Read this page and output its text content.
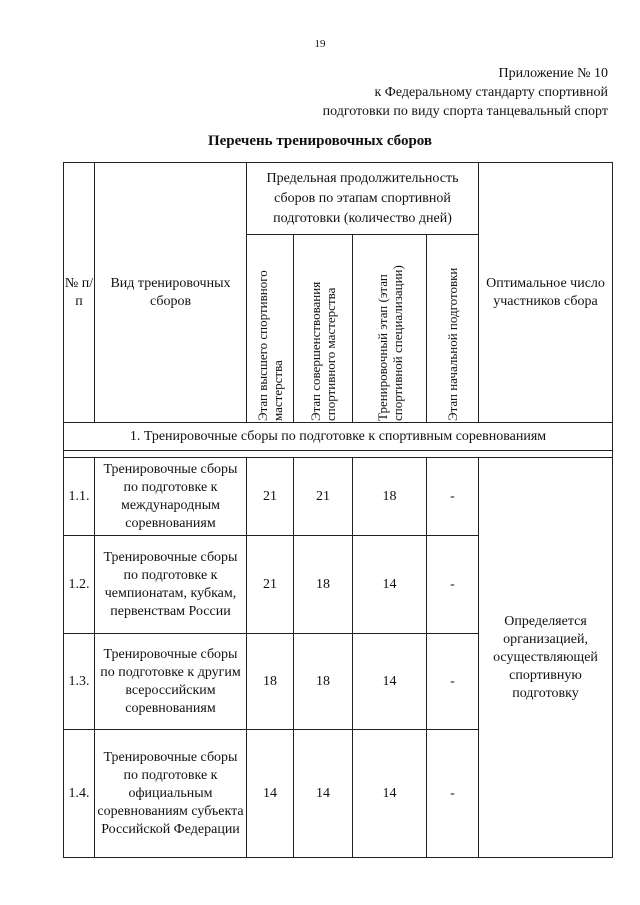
19
Приложение № 10
к Федеральному стандарту спортивной
подготовки по виду спорта танцевальный спорт
Перечень тренировочных сборов
№ п/п	Вид тренировочных сборов	Предельная продолжительность сборов по этапам спортивной подготовки (количество дней)				Оптимальное число участников сбора

		Этап высшего спортивного мастерства	Этап совершенствования спортивного мастерства	Тренировочный этап (этап спортивной специализации)	Этап начальной подготовки	

1. Тренировочные сборы по подготовке к спортивным соревнованиям						

1.1.	Тренировочные сборы по подготовке к международным соревнованиям	21	21	18	-	Определяется организацией, осуществляющей спортивную подготовку
1.2.	Тренировочные сборы по подготовке к чемпионатам, кубкам, первенствам России	21	18	14	-	
1.3.	Тренировочные сборы по подготовке к другим всероссийским соревнованиям	18	18	14	-	
1.4.	Тренировочные сборы по подготовке к официальным соревнованиям субъекта Российской Федерации	14	14	14	-	
